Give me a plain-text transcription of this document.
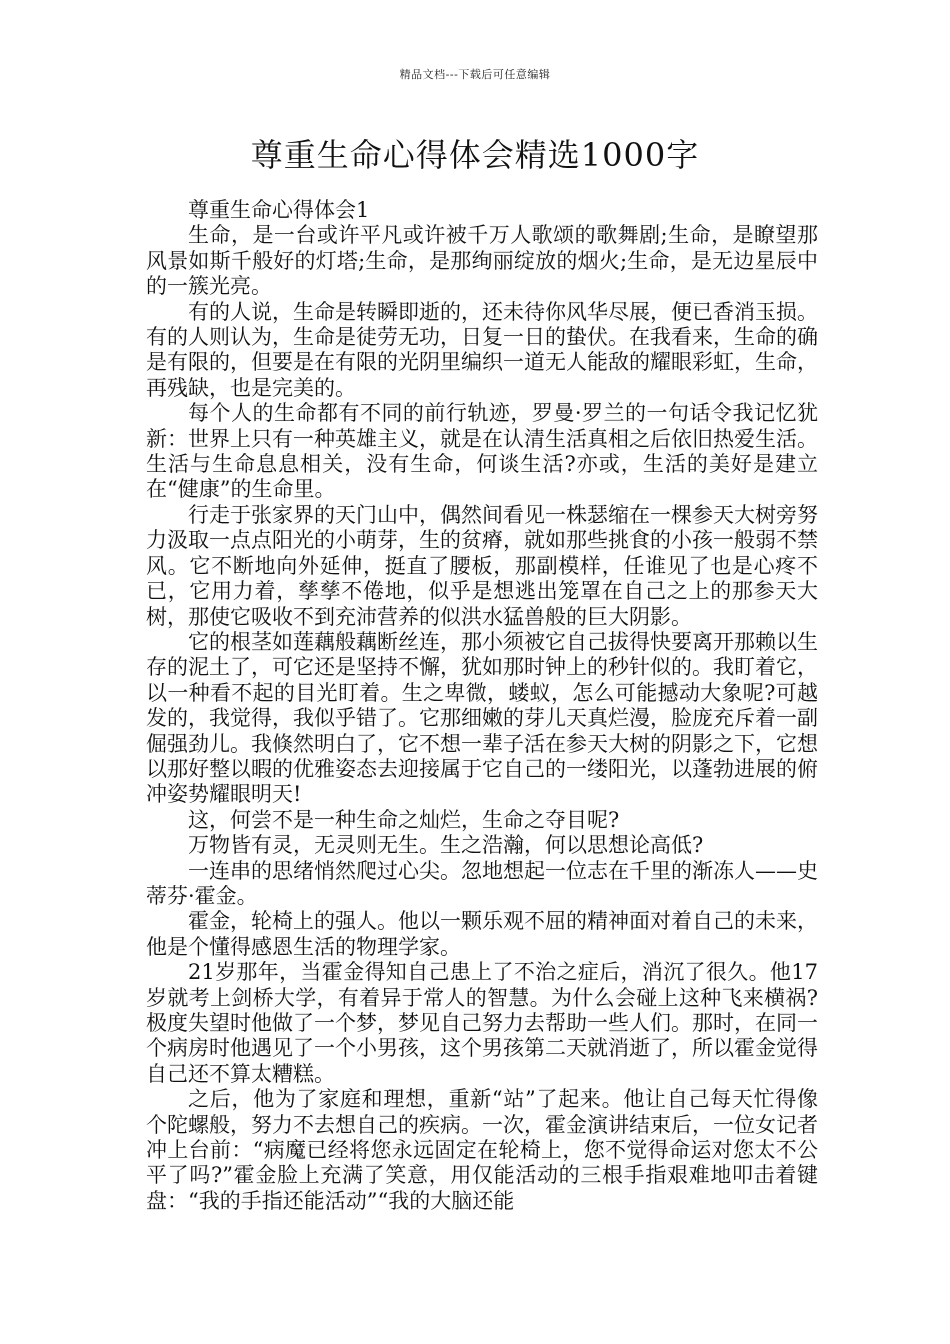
精品文档---下载后可任意编辑
尊重生命心得体会精选1000字

尊重生命心得体会1

生命，是一台或许平凡或许被千万人歌颂的歌舞剧;生命，是瞭望那风景如斯千般好的灯塔;生命，是那绚丽绽放的烟火;生命，是无边星辰中的一簇光亮。

有的人说，生命是转瞬即逝的，还未待你风华尽展，便已香消玉损。有的人则认为，生命是徒劳无功，日复一日的蛰伏。在我看来，生命的确是有限的，但要是在有限的光阴里编织一道无人能敌的耀眼彩虹，生命，再残缺，也是完美的。

每个人的生命都有不同的前行轨迹，罗曼·罗兰的一句话令我记忆犹新：世界上只有一种英雄主义，就是在认清生活真相之后依旧热爱生活。生活与生命息息相关，没有生命，何谈生活?亦或，生活的美好是建立在“健康”的生命里。

行走于张家界的天门山中，偶然间看见一株瑟缩在一棵参天大树旁努力汲取一点点阳光的小萌芽，生的贫瘠，就如那些挑食的小孩一般弱不禁风。它不断地向外延伸，挺直了腰板，那副模样，任谁见了也是心疼不已，它用力着，孳孳不倦地，似乎是想逃出笼罩在自己之上的那参天大树，那使它吸收不到充沛营养的似洪水猛兽般的巨大阴影。

它的根茎如莲藕般藕断丝连，那小须被它自己拔得快要离开那赖以生存的泥土了，可它还是坚持不懈，犹如那时钟上的秒针似的。我盯着它，以一种看不起的目光盯着。生之卑微，蝼蚁，怎么可能撼动大象呢?可越发的，我觉得，我似乎错了。它那细嫩的芽儿天真烂漫，脸庞充斥着一副倔强劲儿。我倏然明白了，它不想一辈子活在参天大树的阴影之下，它想以那好整以暇的优雅姿态去迎接属于它自己的一缕阳光，以蓬勃进展的俯冲姿势耀眼明天!

这，何尝不是一种生命之灿烂，生命之夺目呢?

万物皆有灵，无灵则无生。生之浩瀚，何以思想论高低?

一连串的思绪悄然爬过心尖。忽地想起一位志在千里的渐冻人——史蒂芬·霍金。

霍金，轮椅上的强人。他以一颗乐观不屈的精神面对着自己的未来，他是个懂得感恩生活的物理学家。

21岁那年，当霍金得知自己患上了不治之症后，消沉了很久。他17岁就考上剑桥大学，有着异于常人的智慧。为什么会碰上这种飞来横祸?极度失望时他做了一个梦，梦见自己努力去帮助一些人们。那时，在同一个病房时他遇见了一个小男孩，这个男孩第二天就消逝了，所以霍金觉得自己还不算太糟糕。

之后，他为了家庭和理想，重新“站”了起来。他让自己每天忙得像个陀螺般，努力不去想自己的疾病。一次，霍金演讲结束后，一位女记者冲上台前：“病魔已经将您永远固定在轮椅上，您不觉得命运对您太不公平了吗?”霍金脸上充满了笑意，用仅能活动的三根手指艰难地叩击着键盘：“我的手指还能活动”“我的大脑还能
